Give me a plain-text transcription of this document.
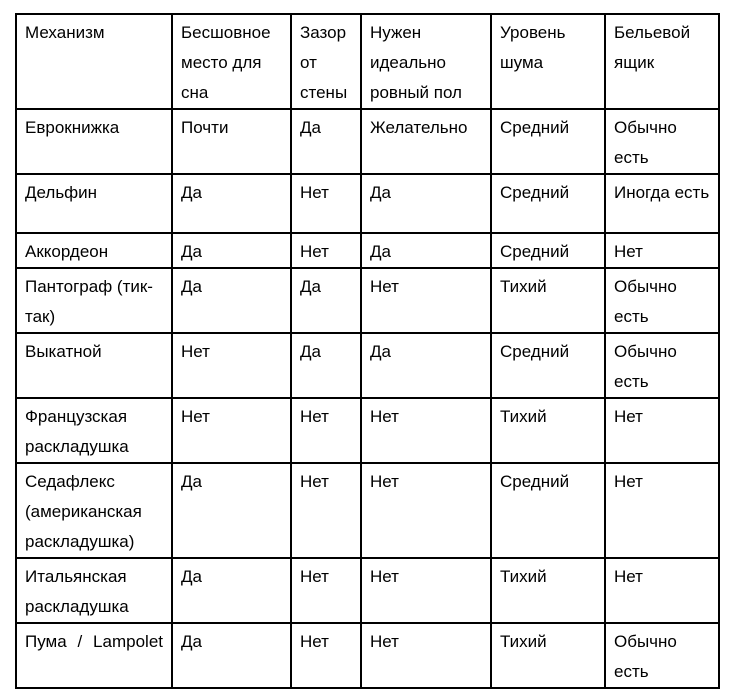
Механизм	Бесшовное место для сна	Зазор от стены	Нужен идеально ровный пол	Уровень шума	Бельевой ящик
Еврокнижка	Почти	Да	Желательно	Средний	Обычно есть
Дельфин	Да	Нет	Да	Средний	Иногда есть
Аккордеон	Да	Нет	Да	Средний	Нет
Пантограф (тик-так)	Да	Да	Нет	Тихий	Обычно есть
Выкатной	Нет	Да	Да	Средний	Обычно есть
Французская раскладушка	Нет	Нет	Нет	Тихий	Нет
Седафлекс (американская раскладушка)	Да	Нет	Нет	Средний	Нет
Итальянская раскладушка	Да	Нет	Нет	Тихий	Нет
Пума / Lampolet	Да	Нет	Нет	Тихий	Обычно есть
